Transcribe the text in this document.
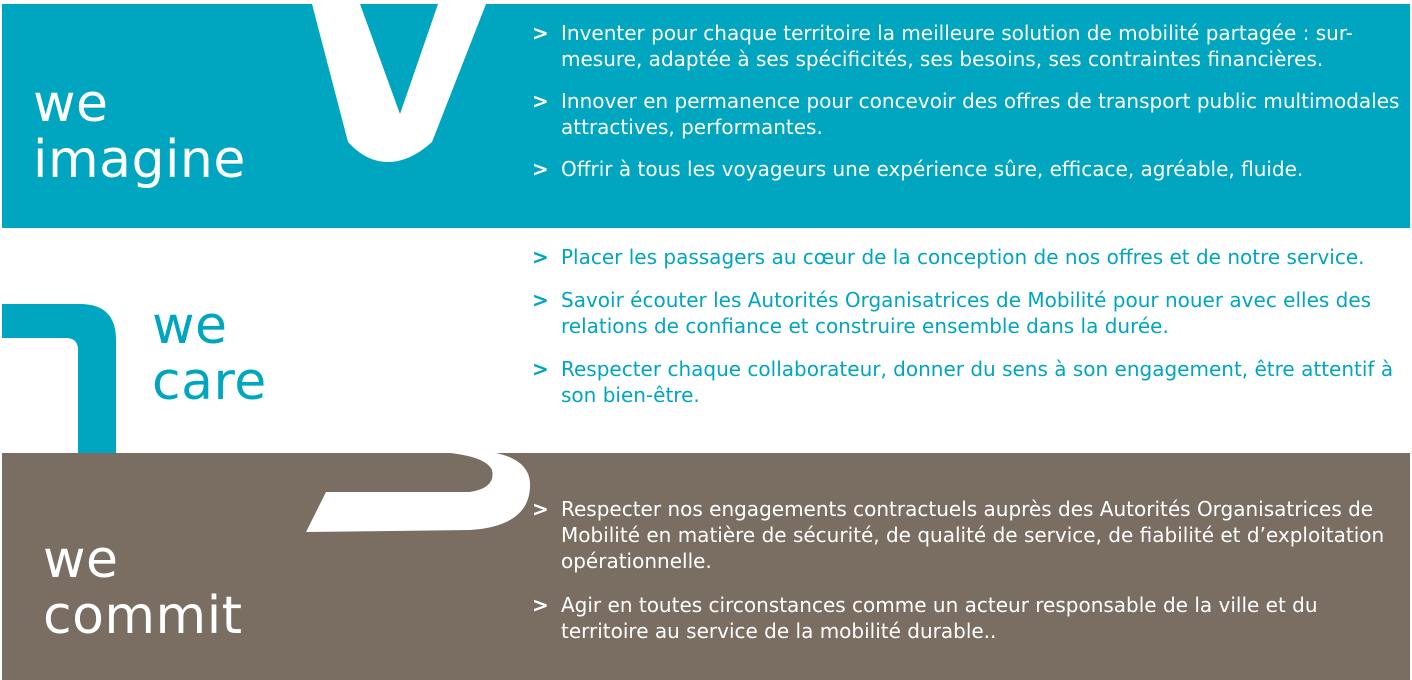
we
imagine
> Inventer pour chaque territoire la meilleure solution de mobilité partagée : sur-mesure, adaptée à ses spécificités, ses besoins, ses contraintes financières.
> Innover en permanence pour concevoir des offres de transport public multimodales attractives, performantes.
> Offrir à tous les voyageurs une expérience sûre, efficace, agréable, fluide.
we
care
> Placer les passagers au cœur de la conception de nos offres et de notre service.
> Savoir écouter les Autorités Organisatrices de Mobilité pour nouer avec elles des relations de confiance et construire ensemble dans la durée.
> Respecter chaque collaborateur, donner du sens à son engagement, être attentif à son bien-être.
we
commit
> Respecter nos engagements contractuels auprès des Autorités Organisatrices de Mobilité en matière de sécurité, de qualité de service, de fiabilité et d’exploitation opérationnelle.
> Agir en toutes circonstances comme un acteur responsable de la ville et du territoire au service de la mobilité durable..
